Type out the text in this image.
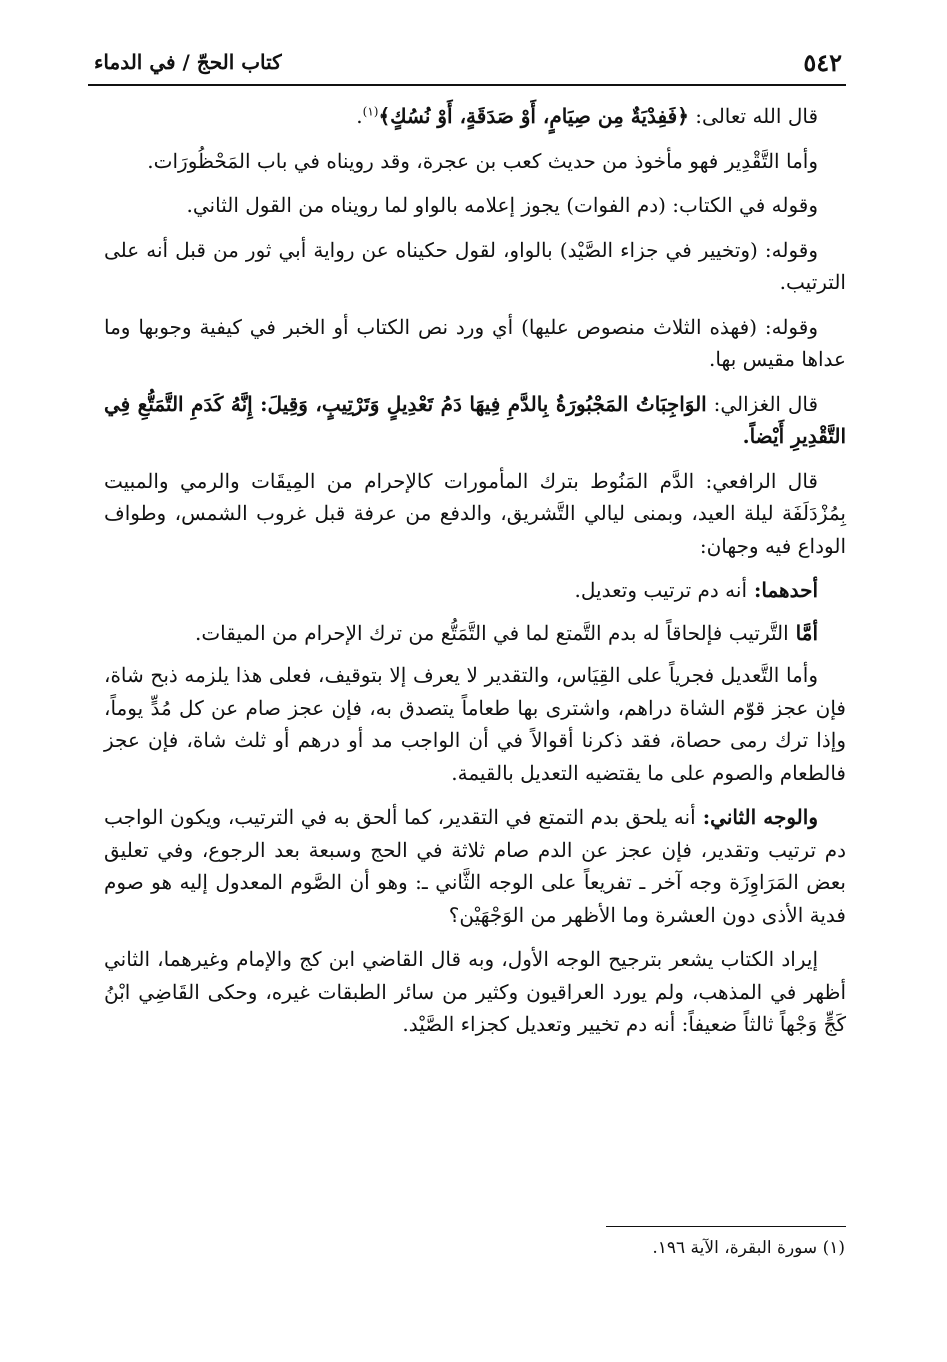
٥٤٢
كتاب الحجّ / في الدماء

قال الله تعالى: ﴿فَفِدْيَةٌ مِن صِيَامٍ، أَوْ صَدَقَةٍ، أَوْ نُسُكٍ﴾$^{(١)}$.

وأما التَّقْدِير فهو مأخوذ من حديث كعب بن عجرة، وقد رويناه في باب المَحْظُورَات.

وقوله في الكتاب: (دم الفوات) يجوز إعلامه بالواو لما رويناه من القول الثاني.

وقوله: (وتخيير في جزاء الصَّيْد) بالواو، لقول حكيناه عن رواية أبي ثور من قبل أنه على الترتيب.

وقوله: (فهذه الثلاث منصوص عليها) أي ورد نص الكتاب أو الخبر في كيفية وجوبها وما عداها مقيس بها.

قال الغزالي: الوَاجِبَاتُ المَجْبُورَةُ بِالدَّمِ فِيهَا دَمُ تَعْدِيلٍ وَتَرْتِيبٍ، وَقِيلَ: إِنَّهُ كَدَمِ التَّمَتُّعِ فِي التَّقْدِيرِ أَيْضاً.

قال الرافعي: الدَّم المَنُوط بترك المأمورات كالإحرام من المِيقَات والرمي والمبيت بِمُزْدَلَفَة ليلة العيد، وبمنى ليالي التَّشريق، والدفع من عرفة قبل غروب الشمس، وطواف الوداع فيه وجهان:

أحدهما: أنه دم ترتيب وتعديل.

أمَّا التَّرتيب فإلحاقاً له بدم التَّمتع لما في التَّمَتُّع من ترك الإحرام من الميقات.

وأما التَّعديل فجرياً على القِيَاس، والتقدير لا يعرف إلا بتوقيف، فعلى هذا يلزمه ذبح شاة، فإن عجز قوّم الشاة دراهم، واشترى بها طعاماً يتصدق به، فإن عجز صام عن كل مُدٍّ يوماً، وإذا ترك رمى حصاة، فقد ذكرنا أقوالاً في أن الواجب مد أو درهم أو ثلث شاة، فإن عجز فالطعام والصوم على ما يقتضيه التعديل بالقيمة.

والوجه الثاني: أنه يلحق بدم التمتع في التقدير، كما ألحق به في الترتيب، ويكون الواجب دم ترتيب وتقدير، فإن عجز عن الدم صام ثلاثة في الحج وسبعة بعد الرجوع، وفي تعليق بعض المَرَاوِزَة وجه آخر ـ تفريعاً على الوجه الثَّاني ـ: وهو أن الصَّوم المعدول إليه هو صوم فدية الأذى دون العشرة وما الأظهر من الوَجْهَيْن؟

إيراد الكتاب يشعر بترجيح الوجه الأول، وبه قال القاضي ابن كج والإمام وغيرهما، الثاني أظهر في المذهب، ولم يورد العراقيون وكثير من سائر الطبقات غيره، وحكى القَاضِي ابْنُ كَجٍّ وَجْهاً ثالثاً ضعيفاً: أنه دم تخيير وتعديل كجزاء الصَّيْد.

(١) سورة البقرة، الآية ١٩٦.
